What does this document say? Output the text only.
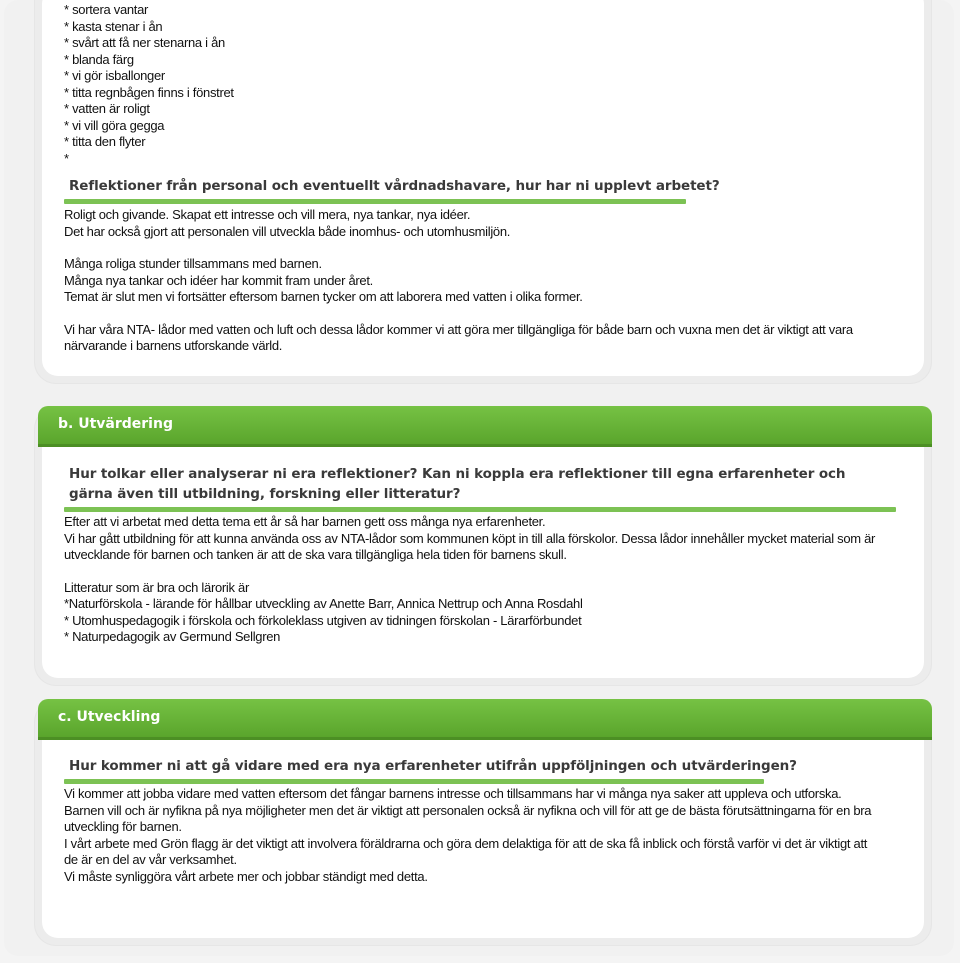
* sortera vantar
* kasta stenar i ån
* svårt att få ner stenarna i ån
* blanda färg
* vi gör isballonger
* titta regnbågen finns i fönstret
* vatten är roligt
* vi vill göra gegga
* titta den flyter
*
Reflektioner från personal och eventuellt vårdnadshavare, hur har ni upplevt arbetet?
Roligt och givande. Skapat ett intresse och vill mera, nya tankar, nya idéer.
Det har också gjort att personalen vill utveckla både inomhus- och utomhusmiljön.
Många roliga stunder tillsammans med barnen.
Många nya tankar och idéer har kommit fram under året.
Temat är slut men vi fortsätter eftersom barnen tycker om att laborera med vatten i olika former.
Vi har våra NTA- lådor med vatten och luft och dessa lådor kommer vi att göra mer tillgängliga för både barn och vuxna men det är viktigt att vara närvarande i barnens utforskande värld.
b. Utvärdering
Hur tolkar eller analyserar ni era reflektioner? Kan ni koppla era reflektioner till egna erfarenheter och gärna även till utbildning, forskning eller litteratur?
Efter att vi arbetat med detta tema ett år så har barnen gett oss många nya erfarenheter.
Vi har gått utbildning för att kunna använda oss av NTA-lådor som kommunen köpt in till alla förskolor. Dessa lådor innehåller mycket material som är utvecklande för barnen och tanken är att de ska vara tillgängliga hela tiden för barnens skull.
Litteratur som är bra och lärorik är
*Naturförskola - lärande för hållbar utveckling av Anette Barr, Annica Nettrup och Anna Rosdahl
* Utomhuspedagogik i förskola och förkoleklass utgiven av tidningen förskolan - Lärarförbundet
* Naturpedagogik av Germund Sellgren
c. Utveckling
Hur kommer ni att gå vidare med era nya erfarenheter utifrån uppföljningen och utvärderingen?
Vi kommer att jobba vidare med vatten eftersom det fångar barnens intresse och tillsammans har vi många nya saker att uppleva och utforska.
Barnen vill och är nyfikna på nya möjligheter men det är viktigt att personalen också är nyfikna och vill för att ge de bästa förutsättningarna för en bra utveckling för barnen.
I vårt arbete med Grön flagg är det viktigt att involvera föräldrarna och göra dem delaktiga för att de ska få inblick och förstå varför vi det är viktigt att de är en del av vår verksamhet.
Vi måste synliggöra vårt arbete mer och jobbar ständigt med detta.
